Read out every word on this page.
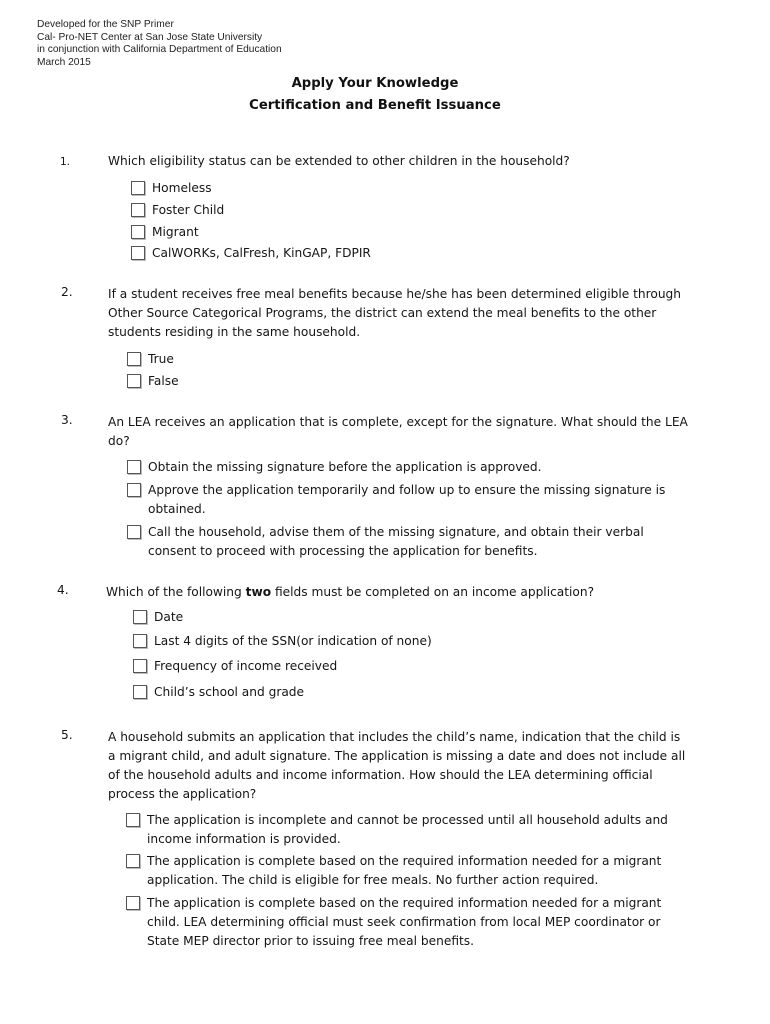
Developed for the SNP Primer
Cal- Pro-NET Center at San Jose State University
in conjunction with California Department of Education
March 2015
Apply Your Knowledge
Certification and Benefit Issuance
1.	Which eligibility status can be extended to other children in the household?
Homeless
Foster Child
Migrant
CalWORKs, CalFresh, KinGAP, FDPIR
2.	If a student receives free meal benefits because he/she has been determined eligible through Other Source Categorical Programs, the district can extend the meal benefits to the other students residing in the same household.
True
False
3.	An LEA receives an application that is complete, except for the signature. What should the LEA do?
Obtain the missing signature before the application is approved.
Approve the application temporarily and follow up to ensure the missing signature is obtained.
Call the household, advise them of the missing signature, and obtain their verbal consent to proceed with processing the application for benefits.
4.	Which of the following two fields must be completed on an income application?
Date
Last 4 digits of the SSN(or indication of none)
Frequency of income received
Child’s school and grade
5.	A household submits an application that includes the child’s name, indication that the child is a migrant child, and adult signature. The application is missing a date and does not include all of the household adults and income information. How should the LEA determining official process the application?
The application is incomplete and cannot be processed until all household adults and income information is provided.
The application is complete based on the required information needed for a migrant application. The child is eligible for free meals. No further action required.
The application is complete based on the required information needed for a migrant child. LEA determining official must seek confirmation from local MEP coordinator or State MEP director prior to issuing free meal benefits.
